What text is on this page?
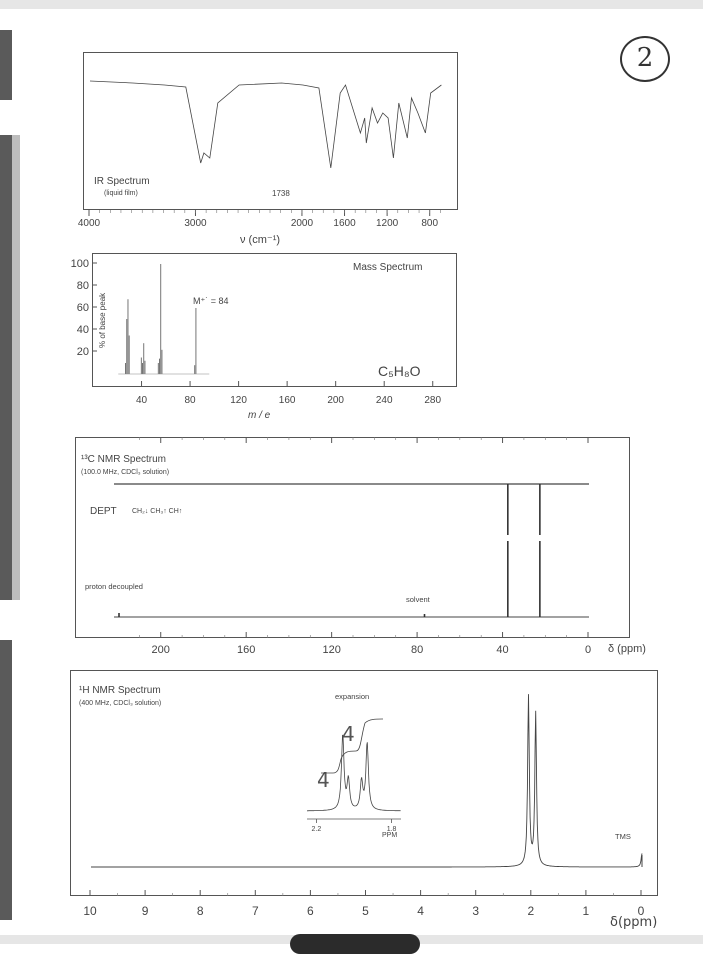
2
IR Spectrum
(liquid film)	1738
ν (cm⁻¹)
4000	3000	2000 1600 1200 800
Mass Spectrum
M⁺˙ = 84
C₅H₈O
% of base peak
m / e
100
80
60
40
20
40	80	120	160	200	240	280
¹³C NMR Spectrum
(100.0 MHz, CDCl₃ solution)
DEPT CH₂↓ CH₃↑ CH↑
proton decoupled
solvent
δ (ppm)
200	160	120	80	40	0
¹H NMR Spectrum
(400 MHz, CDCl₃ solution)
expansion
TMS
4
4
PPM
2.2	1.8
δ(ppm)
10	9	8	7	6	5	4	3	2	1	0
